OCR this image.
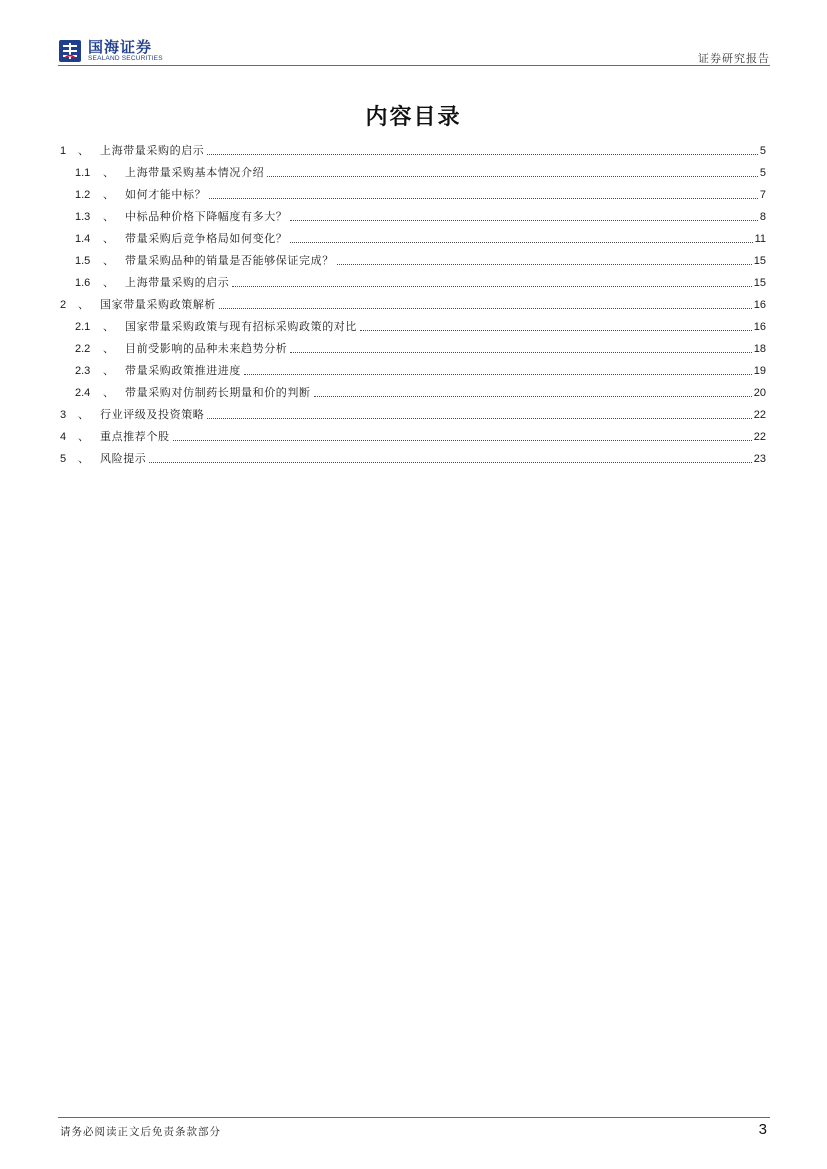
国海证券
SEALAND SECURITIES	证券研究报告
内容目录
1	、	上海带量采购的启示	5
1.1	、	上海带量采购基本情况介绍	5
1.2	、	如何才能中标？	7
1.3	、	中标品种价格下降幅度有多大？	8
1.4	、	带量采购后竞争格局如何变化？	11
1.5	、	带量采购品种的销量是否能够保证完成？	15
1.6	、	上海带量采购的启示	15
2	、	国家带量采购政策解析	16
2.1	、	国家带量采购政策与现有招标采购政策的对比	16
2.2	、	目前受影响的品种未来趋势分析	18
2.3	、	带量采购政策推进进度	19
2.4	、	带量采购对仿制药长期量和价的判断	20
3	、	行业评级及投资策略	22
4	、	重点推荐个股	22
5	、	风险提示	23
请务必阅读正文后免责条款部分	3
